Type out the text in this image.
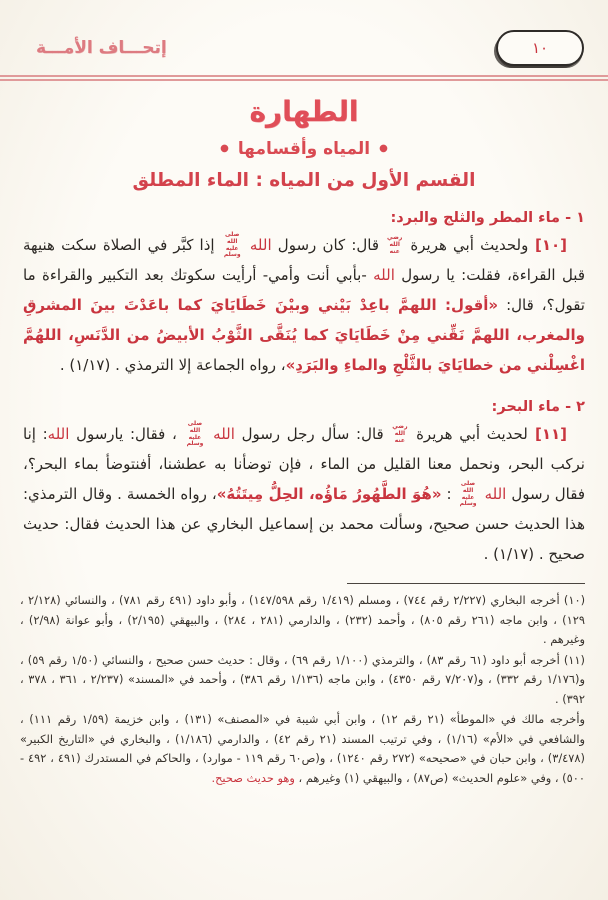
١٠
إتحـــاف الأمـــة
الطهارة
●المياه وأقسامها●
القسم الأول من المياه : الماء المطلق
١ - ماء المطر والثلج والبرد:

[١٠] ولحديث أبي هريرة رضي الله عنه قال: كان رسول الله صلى الله عليه وسلم إذا كبَّر في الصلاة سكت هنيهة قبل القراءة، فقلت: يا رسول الله -بأبي أنت وأمي- أرأيت سكوتك بعد التكبير والقراءة ما تقول؟، قال: «أقول: اللهمَّ باعِدْ بَيْني وبيْنَ خَطَايَايَ كما باعَدْتَ بينَ المشرقِ والمغرب، اللهمَّ نَقِّني مِنْ خَطَايَايَ كما يُنَقَّى الثَّوْبُ الأبيضُ من الدَّنَسِ، اللهُمَّ اغْسِلْني من خطايَايَ بالثَّلْجِ والماءِ والبَرَدِ»، رواه الجماعة إلا الترمذي . (١/١٧) .

٢ - ماء البحر:

[١١] لحديث أبي هريرة رضي الله عنه قال: سأل رجل رسول الله صلى الله عليه وسلم ، فقال: يارسول الله: إنا نركب البحر، ونحمل معنا القليل من الماء ، فإن توضأنا به عطشنا، أفنتوضأ بماء البحر؟، فقال رسول الله صلى الله عليه وسلم : «هُوَ الطَّهُورُ مَاؤُه، الحِلُّ مِيتَتُهُ»، رواه الخمسة . وقال الترمذي: هذا الحديث حسن صحيح، وسألت محمد بن إسماعيل البخاري عن هذا الحديث فقال: حديث صحيح . (١/١٧) .

(١٠) أخرجه البخاري (٢/٢٢٧ رقم ٧٤٤) ، ومسلم (١/٤١٩ رقم ١٤٧/٥٩٨) ، وأبو داود (٤٩١ رقم ٧٨١) ، والنسائي (٢/١٢٨ ، ١٢٩) ، وابن ماجه (٢٦١ رقم ٨٠٥) ، وأحمد (٢٣٢) ، والدارمي (٢٨١ ، ٢٨٤) ، والبيهقي (٢/١٩٥) ، وأبو عوانة (٢/٩٨) ، وغيرهم .

(١١) أخرجه أبو داود (٦١ رقم ٨٣) ، والترمذي (١/١٠٠ رقم ٦٩) ، وقال : حديث حسن صحيح ، والنسائي (١/٥٠ رقم ٥٩) ، و(١/١٧٦ رقم ٣٣٢) ، و(٧/٢٠٧ رقم ٤٣٥٠) ، وابن ماجه (١/١٣٦ رقم ٣٨٦) ، وأحمد في «المسند» (٢/٢٣٧ ، ٣٦١ ، ٣٧٨ ، ٣٩٢) .

وأخرجه مالك في «الموطأ» (٢١ رقم ١٢) ، وابن أبي شيبة في «المصنف» (١٣١) ، وابن خزيمة (١/٥٩ رقم ١١١) ، والشافعي في «الأم» (١/١٦) ، وفي ترتيب المسند (٢١ رقم ٤٢) ، والدارمي (١/١٨٦) ، والبخاري في «التاريخ الكبير» (٣/٤٧٨) ، وابن حبان في «صحيحه» (٢٧٢ رقم ١٢٤٠) ، و(ص٦٠ رقم ١١٩ - موارد) ، والحاكم في المستدرك (٤٩١ ، ٤٩٢ - ٥٠٠) ، وفي «علوم الحديث» (ص٨٧) ، والبيهقي (١) وغيرهم ، وهو حديث صحيح.
